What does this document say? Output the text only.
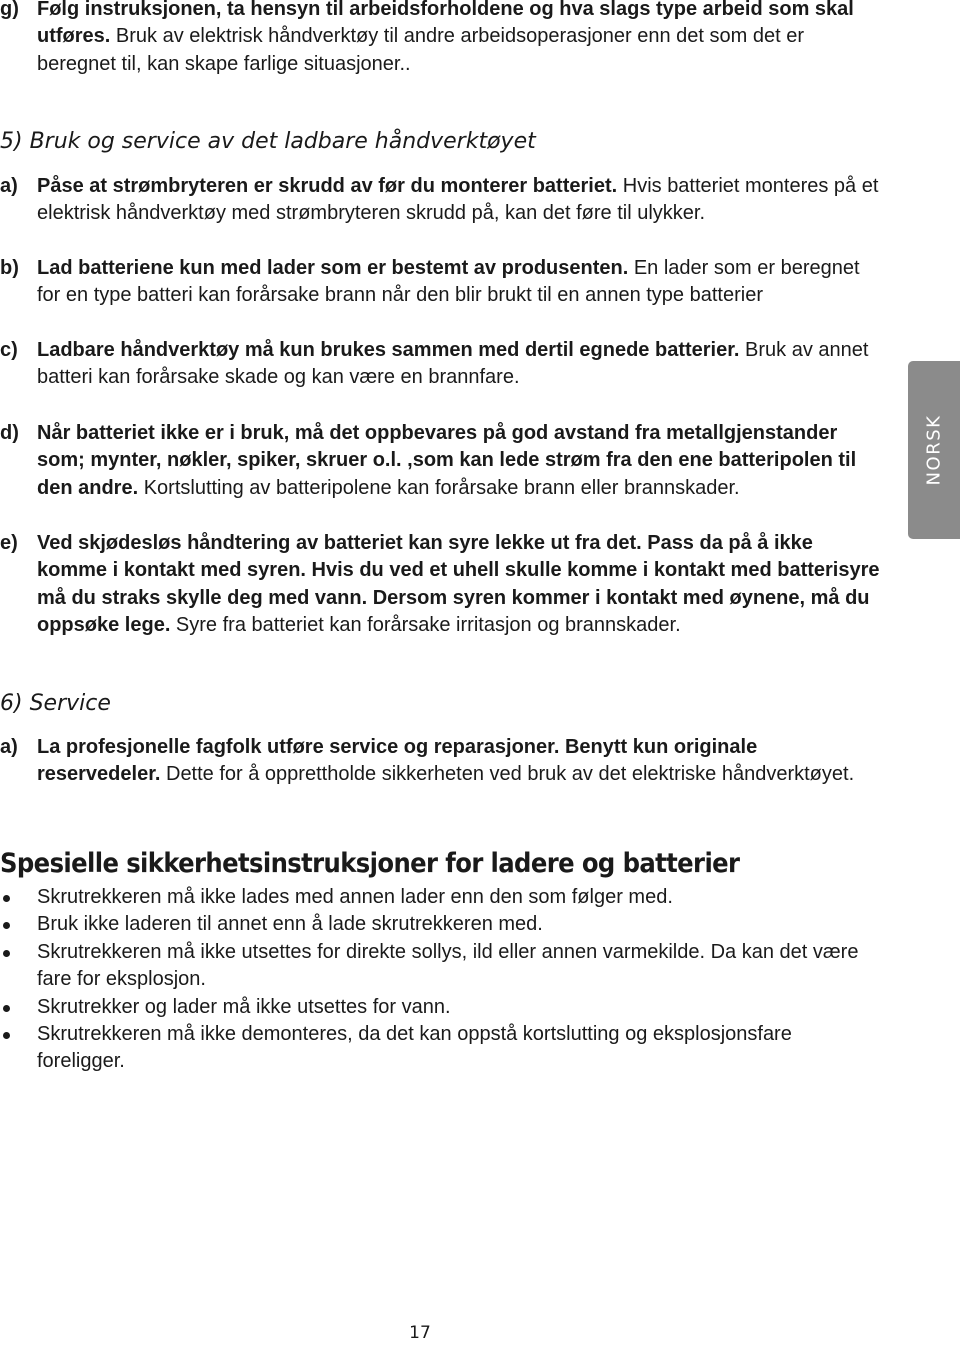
g) Følg instruksjonen, ta hensyn til arbeidsforholdene og hva slags type arbeid som skal utføres. Bruk av elektrisk håndverktøy til andre arbeidsoperasjoner enn det som det er beregnet til, kan skape farlige situasjoner..
5) Bruk og service av det ladbare håndverktøyet
a) Påse at strømbryteren er skrudd av før du monterer batteriet. Hvis batteriet monteres på et elektrisk håndverktøy med strømbryteren skrudd på, kan det føre til ulykker.
b) Lad batteriene kun med lader som er bestemt av produsenten. En lader som er beregnet for en type batteri kan forårsake brann når den blir brukt til en annen type batterier
c) Ladbare håndverktøy må kun brukes sammen med dertil egnede batterier. Bruk av annet batteri kan forårsake skade og kan være en brannfare.
d) Når batteriet ikke er i bruk, må det oppbevares på god avstand fra metallgjenstander som; mynter, nøkler, spiker, skruer o.l. ,som kan lede strøm fra den ene batteripolen til den andre. Kortslutting av batteripolene kan forårsake brann eller brannskader.
e) Ved skjødesløs håndtering av batteriet kan syre lekke ut fra det. Pass da på å ikke komme i kontakt med syren. Hvis du ved et uhell skulle komme i kontakt med batterisyre må du straks skylle deg med vann. Dersom syren kommer i kontakt med øynene, må du oppsøke lege. Syre fra batteriet kan forårsake irritasjon og brannskader.
6) Service
a) La profesjonelle fagfolk utføre service og reparasjoner. Benytt kun originale reservedeler. Dette for å opprettholde sikkerheten ved bruk av det elektriske håndverktøyet.
Spesielle sikkerhetsinstruksjoner for ladere og batterier
Skrutrekkeren må ikke lades med annen lader enn den som følger med.
Bruk ikke laderen til annet enn å lade skrutrekkeren med.
Skrutrekkeren må ikke utsettes for direkte sollys, ild eller annen varmekilde. Da kan det være fare for eksplosjon.
Skrutrekker og lader må ikke utsettes for vann.
Skrutrekkeren må ikke demonteres, da det kan oppstå kortslutting og eksplosjonsfare foreligger.
NORSK
17
